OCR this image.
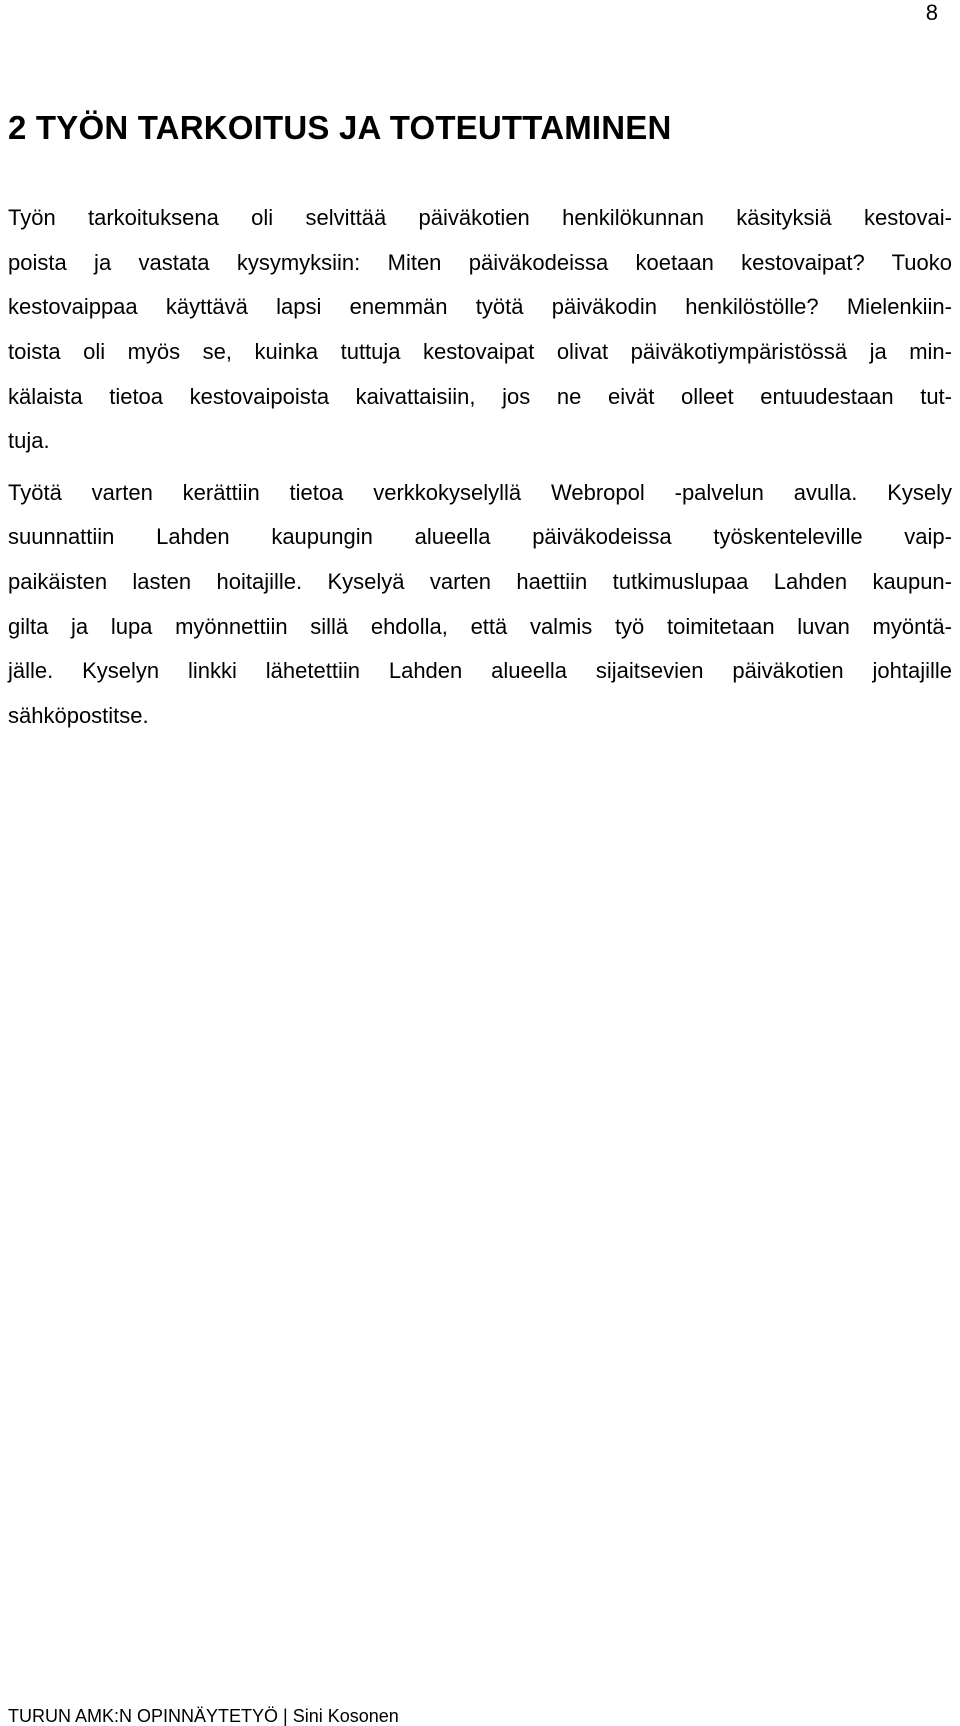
8
2 TYÖN TARKOITUS JA TOTEUTTAMINEN
Työn tarkoituksena oli selvittää päiväkotien henkilökunnan käsityksiä kestovai-
poista ja vastata kysymyksiin: Miten päiväkodeissa koetaan kestovaipat? Tuoko
kestovaippaa käyttävä lapsi enemmän työtä päiväkodin henkilöstölle? Mielenkiin-
toista oli myös se, kuinka tuttuja kestovaipat olivat päiväkotiympäristössä ja min-
kälaista tietoa kestovaipoista kaivattaisiin, jos ne eivät olleet entuudestaan tut-
tuja.
Työtä varten kerättiin tietoa verkkokyselyllä Webropol -palvelun avulla. Kysely
suunnattiin Lahden kaupungin alueella päiväkodeissa työskenteleville vaip-
paikäisten lasten hoitajille. Kyselyä varten haettiin tutkimuslupaa Lahden kaupun-
gilta ja lupa myönnettiin sillä ehdolla, että valmis työ toimitetaan luvan myöntä-
jälle. Kyselyn linkki lähetettiin Lahden alueella sijaitsevien päiväkotien johtajille
sähköpostitse.
TURUN AMK:N OPINNÄYTETYÖ | Sini Kosonen
